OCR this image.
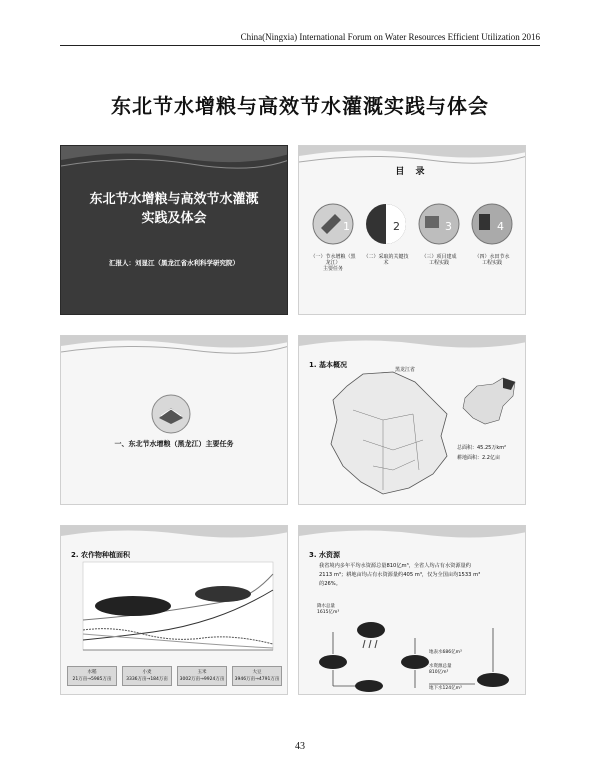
China(Ningxia) International Forum on Water Resources Efficient Utilization 2016
东北节水增粮与高效节水灌溉实践与体会
东北节水增粮与高效节水灌溉
实践及体会
汇报人：刘显江（黑龙江省水利科学研究院）
目 录
1	2	3	4
（一）节水增粮（黑龙江）
主要任务
（二）采取的关键技术
（三）项目建成
工程实践
（四）水田节水
工程实践
一、东北节水增粮（黑龙江）主要任务
1. 基本概况
黑龙江省
总面积：45.25万km²
耕地面积：2.2亿亩
2. 农作物种植面积
水稻
21万亩→5985万亩
小麦
3336万亩→184万亩
玉米
3002万亩→9924万亩
大豆
3946万亩→4791万亩
3. 水资源
我省境内多年平均水资源总量810亿m³，全省人均占有水资源量约
2113 m³；耕地亩均占有水资源量约405 m³，仅为全国亩均1533 m³
的26%。
降水总量
1615亿m³
地表水686亿m³
水资源总量
810亿m³
地下水124亿m³
43
